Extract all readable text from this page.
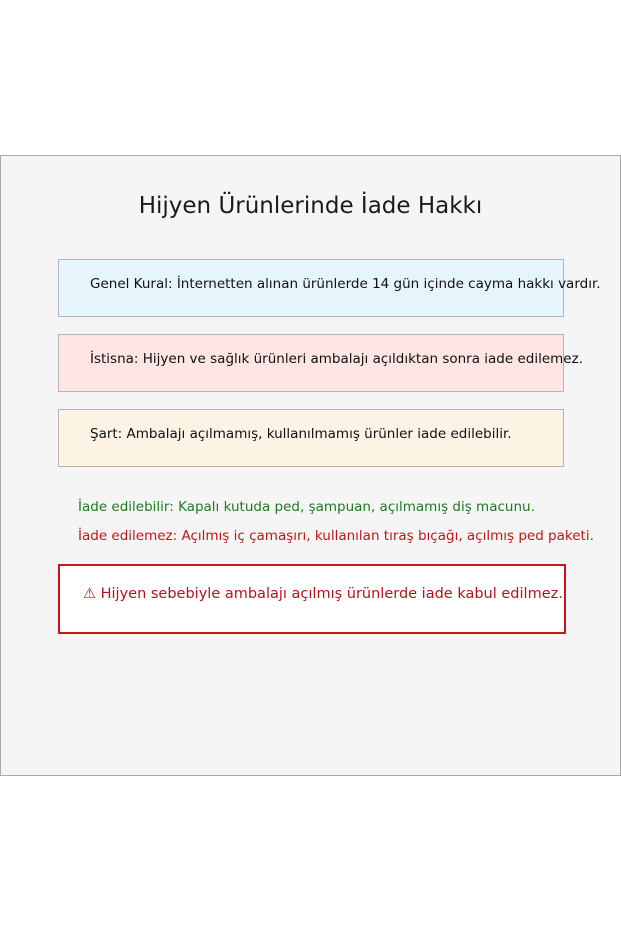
Hijyen Ürünlerinde İade Hakkı
Genel Kural: İnternetten alınan ürünlerde 14 gün içinde cayma hakkı vardır.
İstisna: Hijyen ve sağlık ürünleri ambalajı açıldıktan sonra iade edilemez.
Şart: Ambalajı açılmamış, kullanılmamış ürünler iade edilebilir.
İade edilebilir: Kapalı kutuda ped, şampuan, açılmamış diş macunu.
İade edilemez: Açılmış iç çamaşırı, kullanılan tıraş bıçağı, açılmış ped paketi.
⚠ Hijyen sebebiyle ambalajı açılmış ürünlerde iade kabul edilmez.
